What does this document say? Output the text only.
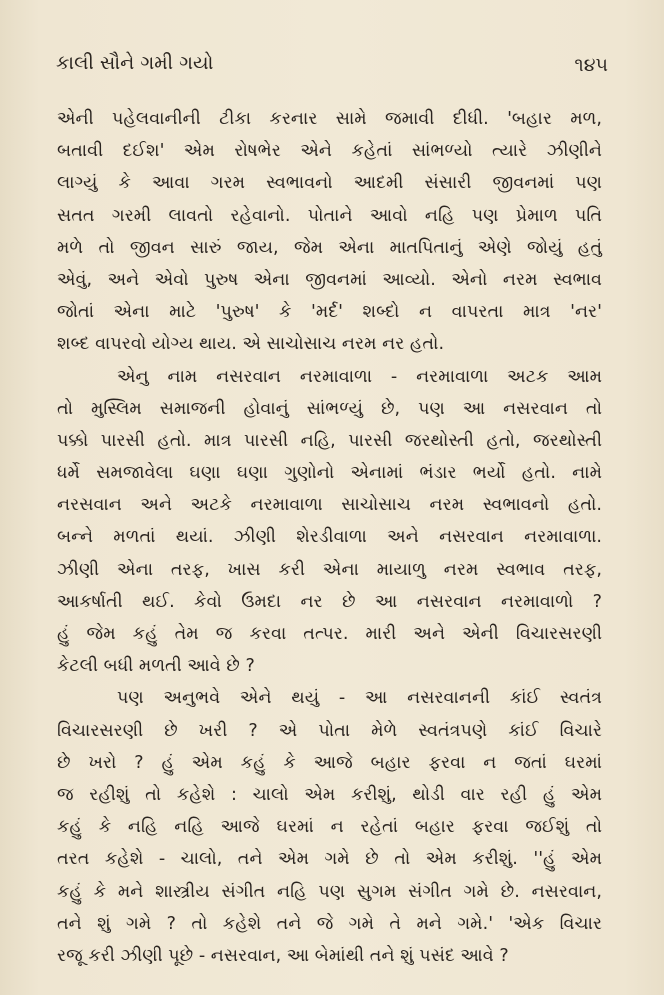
કાલી સૌને ગમી ગયો	૧૪૫
એની પહેલવાનીની ટીકા કરનાર સામે જમાવી દીધી. 'બહાર મળ,
બતાવી દઈશ' એમ રોષભેર એને કહેતાં સાંભળ્યો ત્યારે ઝીણીને
લાગ્યું કે આવા ગરમ સ્વભાવનો આદમી સંસારી જીવનમાં પણ
સતત ગરમી લાવતો રહેવાનો. પોતાને આવો નહિ પણ પ્રેમાળ પતિ
મળે તો જીવન સારું જાય, જેમ એના માતપિતાનું એણે જોયું હતું
એવું, અને એવો પુરુષ એના જીવનમાં આવ્યો. એનો નરમ સ્વભાવ
જોતાં એના માટે 'પુરુષ' કે 'મર્દ' શબ્દો ન વાપરતા માત્ર 'નર'
શબ્દ વાપરવો યોગ્ય થાય. એ સાચોસાચ નરમ નર હતો.
એનુ નામ નસરવાન નરમાવાળા - નરમાવાળા અટક આમ
તો મુસ્લિમ સમાજની હોવાનું સાંભળ્યું છે, પણ આ નસરવાન તો
પક્કો પારસી હતો. માત્ર પારસી નહિ, પારસી જરથોસ્તી હતો, જરથોસ્તી
ધર્મે સમજાવેલા ઘણા ઘણા ગુણોનો એનામાં ભંડાર ભર્યો હતો. નામે
નરસવાન અને અટકે નરમાવાળા સાચોસાચ નરમ સ્વભાવનો હતો.
બન્ને મળતાં થયાં. ઝીણી શેરડીવાળા અને નસરવાન નરમાવાળા.
ઝીણી એના તરફ, ખાસ કરી એના માયાળુ નરમ સ્વભાવ તરફ,
આકર્ષાતી થઈ. કેવો ઉમદા નર છે આ નસરવાન નરમાવાળો ?
હું જેમ કહું તેમ જ કરવા તત્પર. મારી અને એની વિચારસરણી
કેટલી બધી મળતી આવે છે ?
પણ અનુભવે એને થયું - આ નસરવાનની કાંઈ સ્વતંત્ર
વિચારસરણી છે ખરી ? એ પોતા મેળે સ્વતંત્રપણે કાંઈ વિચારે
છે ખરો ? હું એમ કહું કે આજે બહાર ફરવા ન જતાં ઘરમાં
જ રહીશું તો કહેશે : ચાલો એમ કરીશું, થોડી વાર રહી હું એમ
કહું કે નહિ નહિ આજે ઘરમાં ન રહેતાં બહાર ફરવા જઈશું તો
તરત કહેશે - ચાલો, તને એમ ગમે છે તો એમ કરીશું. ''હું એમ
કહું કે મને શાસ્ત્રીય સંગીત નહિ પણ સુગમ સંગીત ગમે છે. નસરવાન,
તને શું ગમે ? તો કહેશે તને જે ગમે તે મને ગમે.' 'એક વિચાર
રજૂ કરી ઝીણી પૂછે - નસરવાન, આ બેમાંથી તને શું પસંદ આવે ?
